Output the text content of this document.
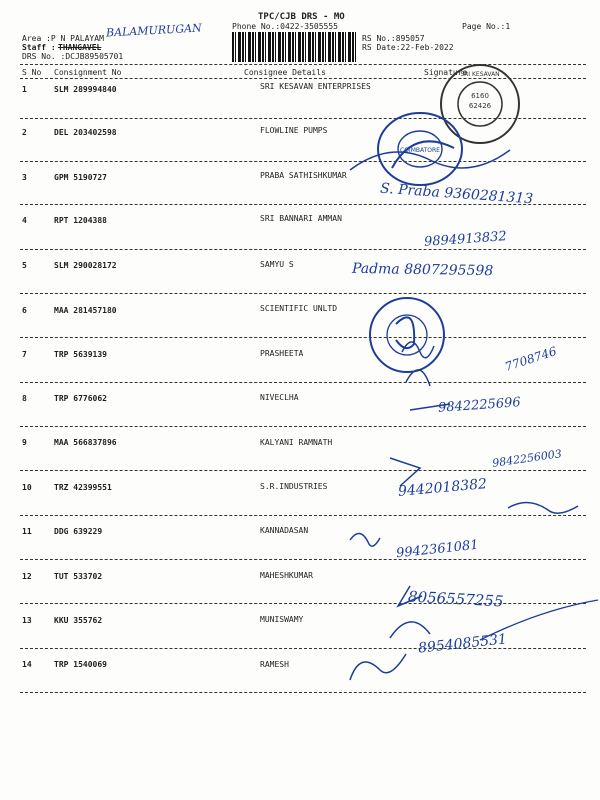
TPC/CJB DRS - MO
Phone No.:0422-3505555	Page No.:1
BALAMURUGAN
Area :P N PALAYAM
Staff : THANGAVEL
DRS No. :DCJB89505701
RS No.:895057
RS Date:22-Feb-2022
S No Consignment No	Consignee Details	Signature
1	SLM 289994840	SRI KESAVAN ENTERPRISES
2	DEL 203402598	FLOWLINE PUMPS
3	GPM 5190727	PRABA SATHISHKUMAR
4	RPT 1204388	SRI BANNARI AMMAN
5	SLM 290028172	SAMYU S
6	MAA 281457180	SCIENTIFIC UNLTD
7	TRP 5639139	PRASHEETA
8	TRP 6776062	NIVECLHA
9	MAA 566837896	KALYANI RAMNATH
10	TRZ 42399551	S.R.INDUSTRIES
11	DDG 639229	KANNADASAN
12	TUT 533702	MAHESHKUMAR
13	KKU 355762	MUNISWAMY
14	TRP 1540069	RAMESH
6160
62426
SRI KESAVAN
COIMBATORE
S. Praba 9360281313
9894913832
Padma 8807295598
7708746
9842225696
9842256003
9442018382
9942361081
8056557255
8954085531
